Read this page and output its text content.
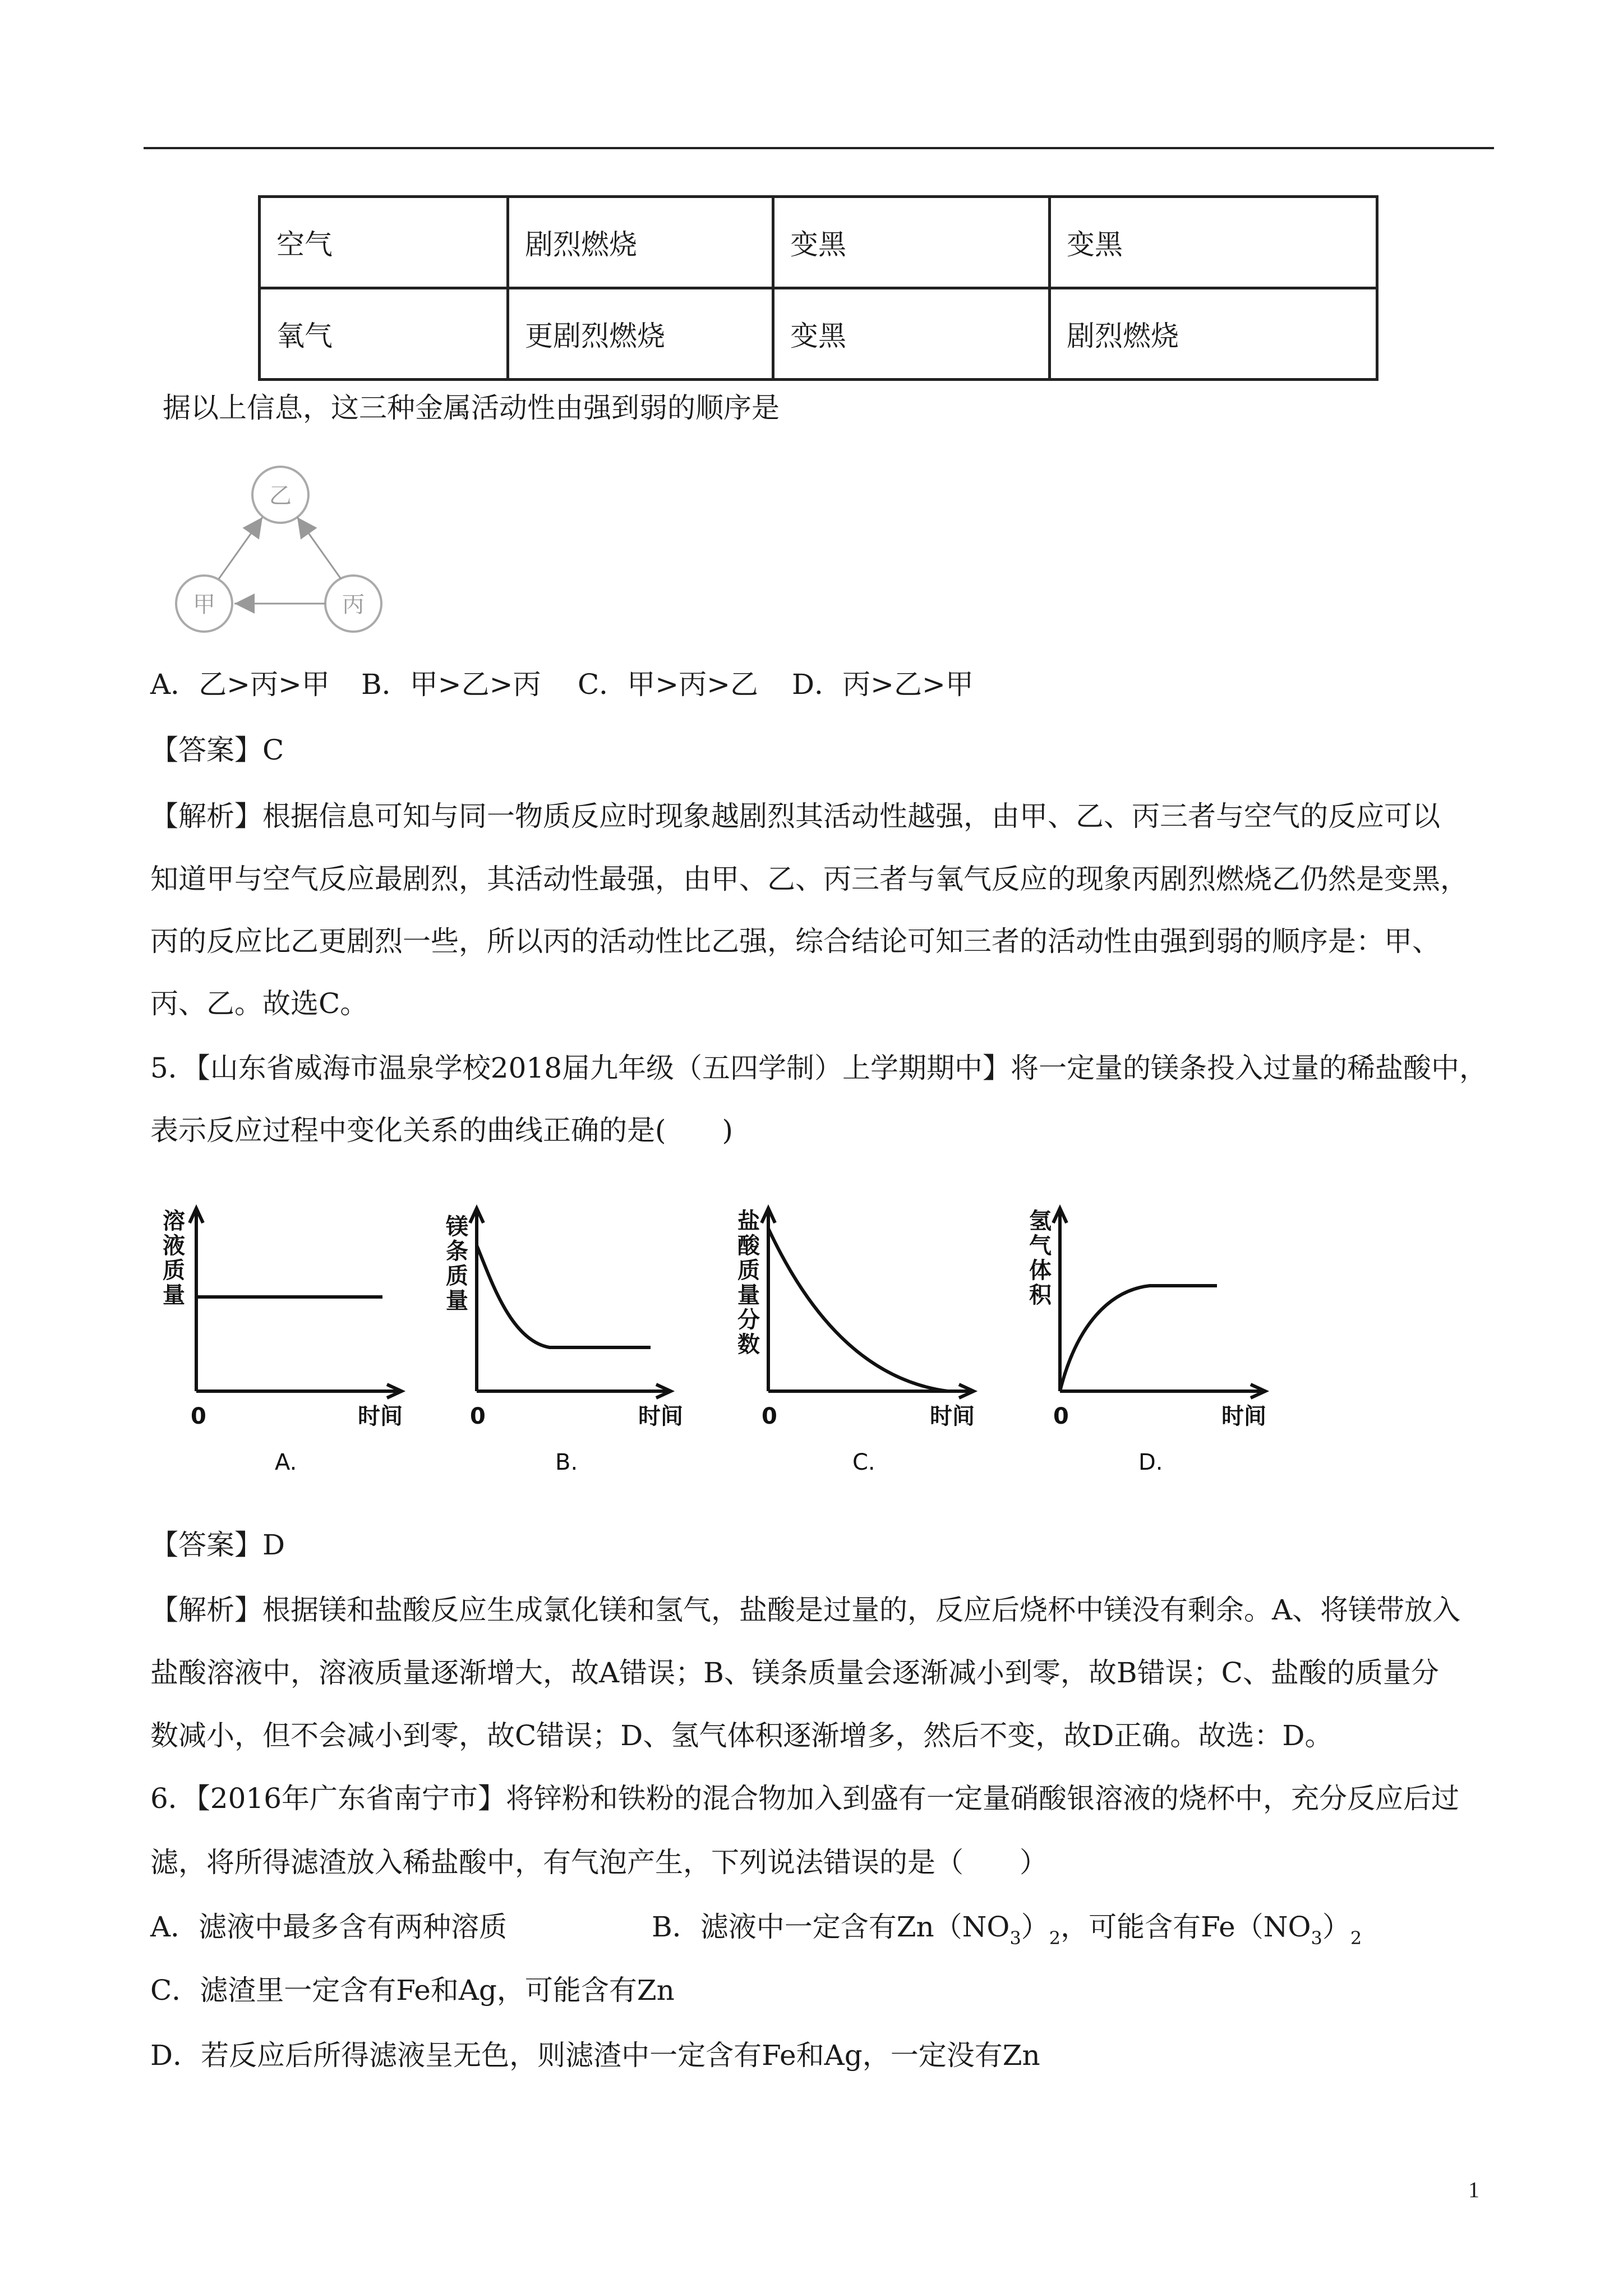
空气	剧烈燃烧	变黑	变黑
氧气	更剧烈燃烧	变黑	剧烈燃烧
据以上信息，这三种金属活动性由强到弱的顺序是
乙
甲	丙
A．乙>丙>甲 B．甲>乙>丙 C．甲>丙>乙 D．丙>乙>甲
【答案】C
【解析】根据信息可知与同一物质反应时现象越剧烈其活动性越强，由甲、乙、丙三者与空气的反应可以
知道甲与空气反应最剧烈，其活动性最强，由甲、乙、丙三者与氧气反应的现象丙剧烈燃烧乙仍然是变黑，
丙的反应比乙更剧烈一些，所以丙的活动性比乙强，综合结论可知三者的活动性由强到弱的顺序是：甲、
丙、乙。故选C。
5．【山东省威海市温泉学校2018届九年级（五四学制）上学期期中】将一定量的镁条投入过量的稀盐酸中，
表示反应过程中变化关系的曲线正确的是(　　)
溶
液
质
量
镁
条
质
量
盐
酸
质
量
分
数
氢
气
体
积
0	0	0	0
时间	时间	时间	时间
A.	B.	C.	D.
【答案】D
【解析】根据镁和盐酸反应生成氯化镁和氢气，盐酸是过量的，反应后烧杯中镁没有剩余。A、将镁带放入
盐酸溶液中，溶液质量逐渐增大，故A错误；B、镁条质量会逐渐减小到零，故B错误；C、盐酸的质量分
数减小，但不会减小到零，故C错误；D、氢气体积逐渐增多，然后不变，故D正确。故选：D。
6．【2016年广东省南宁市】将锌粉和铁粉的混合物加入到盛有一定量硝酸银溶液的烧杯中，充分反应后过
滤，将所得滤渣放入稀盐酸中，有气泡产生，下列说法错误的是（　　）
A．滤液中最多含有两种溶质	B．滤液中一定含有$Zn(NO_3)_2$，可能含有$Fe(NO_3)_2$
C．滤渣里一定含有Fe和Ag，可能含有Zn
D．若反应后所得滤液呈无色，则滤渣中一定含有Fe和Ag，一定没有Zn
1
